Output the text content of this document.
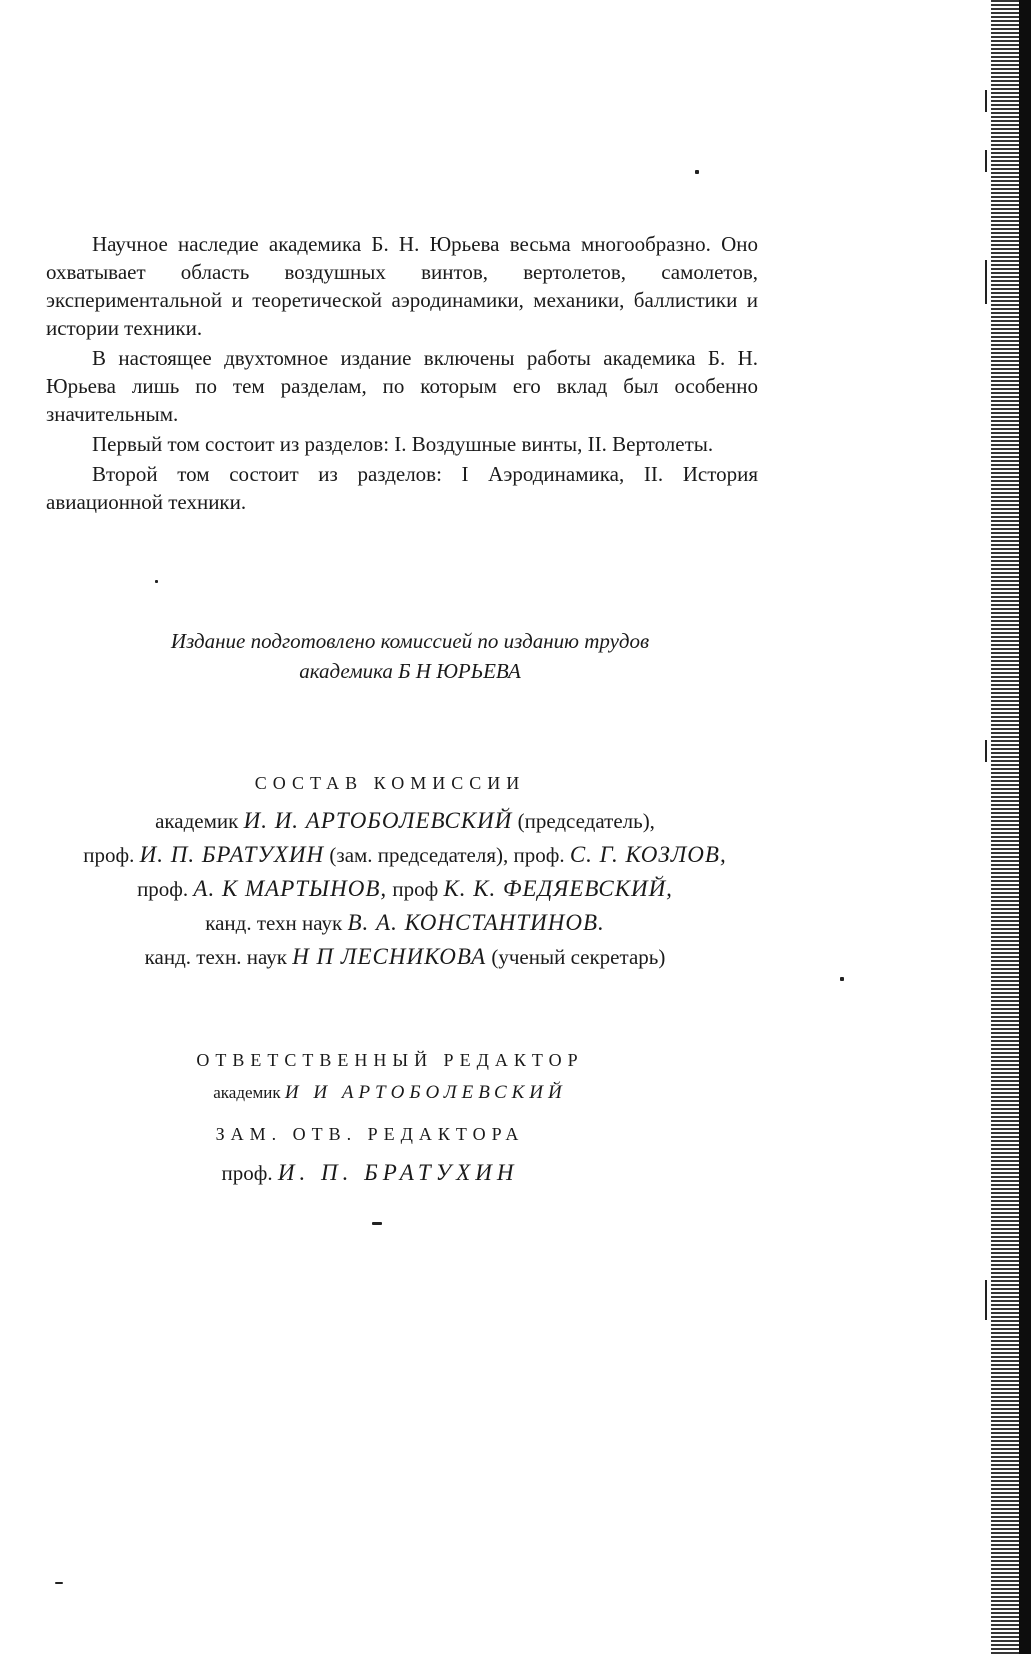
Научное наследие академика Б. Н. Юрьева весьма многообразно. Оно охватывает область воздушных винтов, вертолетов, самолетов, экспериментальной и теоретической аэродинамики, механики, баллистики и истории техники.

В настоящее двухтомное издание включены работы академика Б. Н. Юрьева лишь по тем разделам, по которым его вклад был особенно значительным.

Первый том состоит из разделов: I. Воздушные винты, II. Вертолеты.

Второй том состоит из разделов: I Аэродинамика, II. История авиационной техники.

Издание подготовлено комиссией по изданию трудов
академика Б Н ЮРЬЕВА
СОСТАВ КОМИССИИ
академик И. И. АРТОБОЛЕВСКИЙ (председатель),
проф. И. П. БРАТУХИН (зам. председателя), проф. С. Г. КОЗЛОВ,
проф. А. К МАРТЫНОВ, проф К. К. ФЕДЯЕВСКИЙ,
канд. техн наук В. А. КОНСТАНТИНОВ.
канд. техн. наук Н П ЛЕСНИКОВА (ученый секретарь)
ОТВЕТСТВЕННЫЙ РЕДАКТОР
академик И И АРТОБОЛЕВСКИЙ
ЗАМ. ОТВ. РЕДАКТОРА
проф. И. П. БРАТУХИН
